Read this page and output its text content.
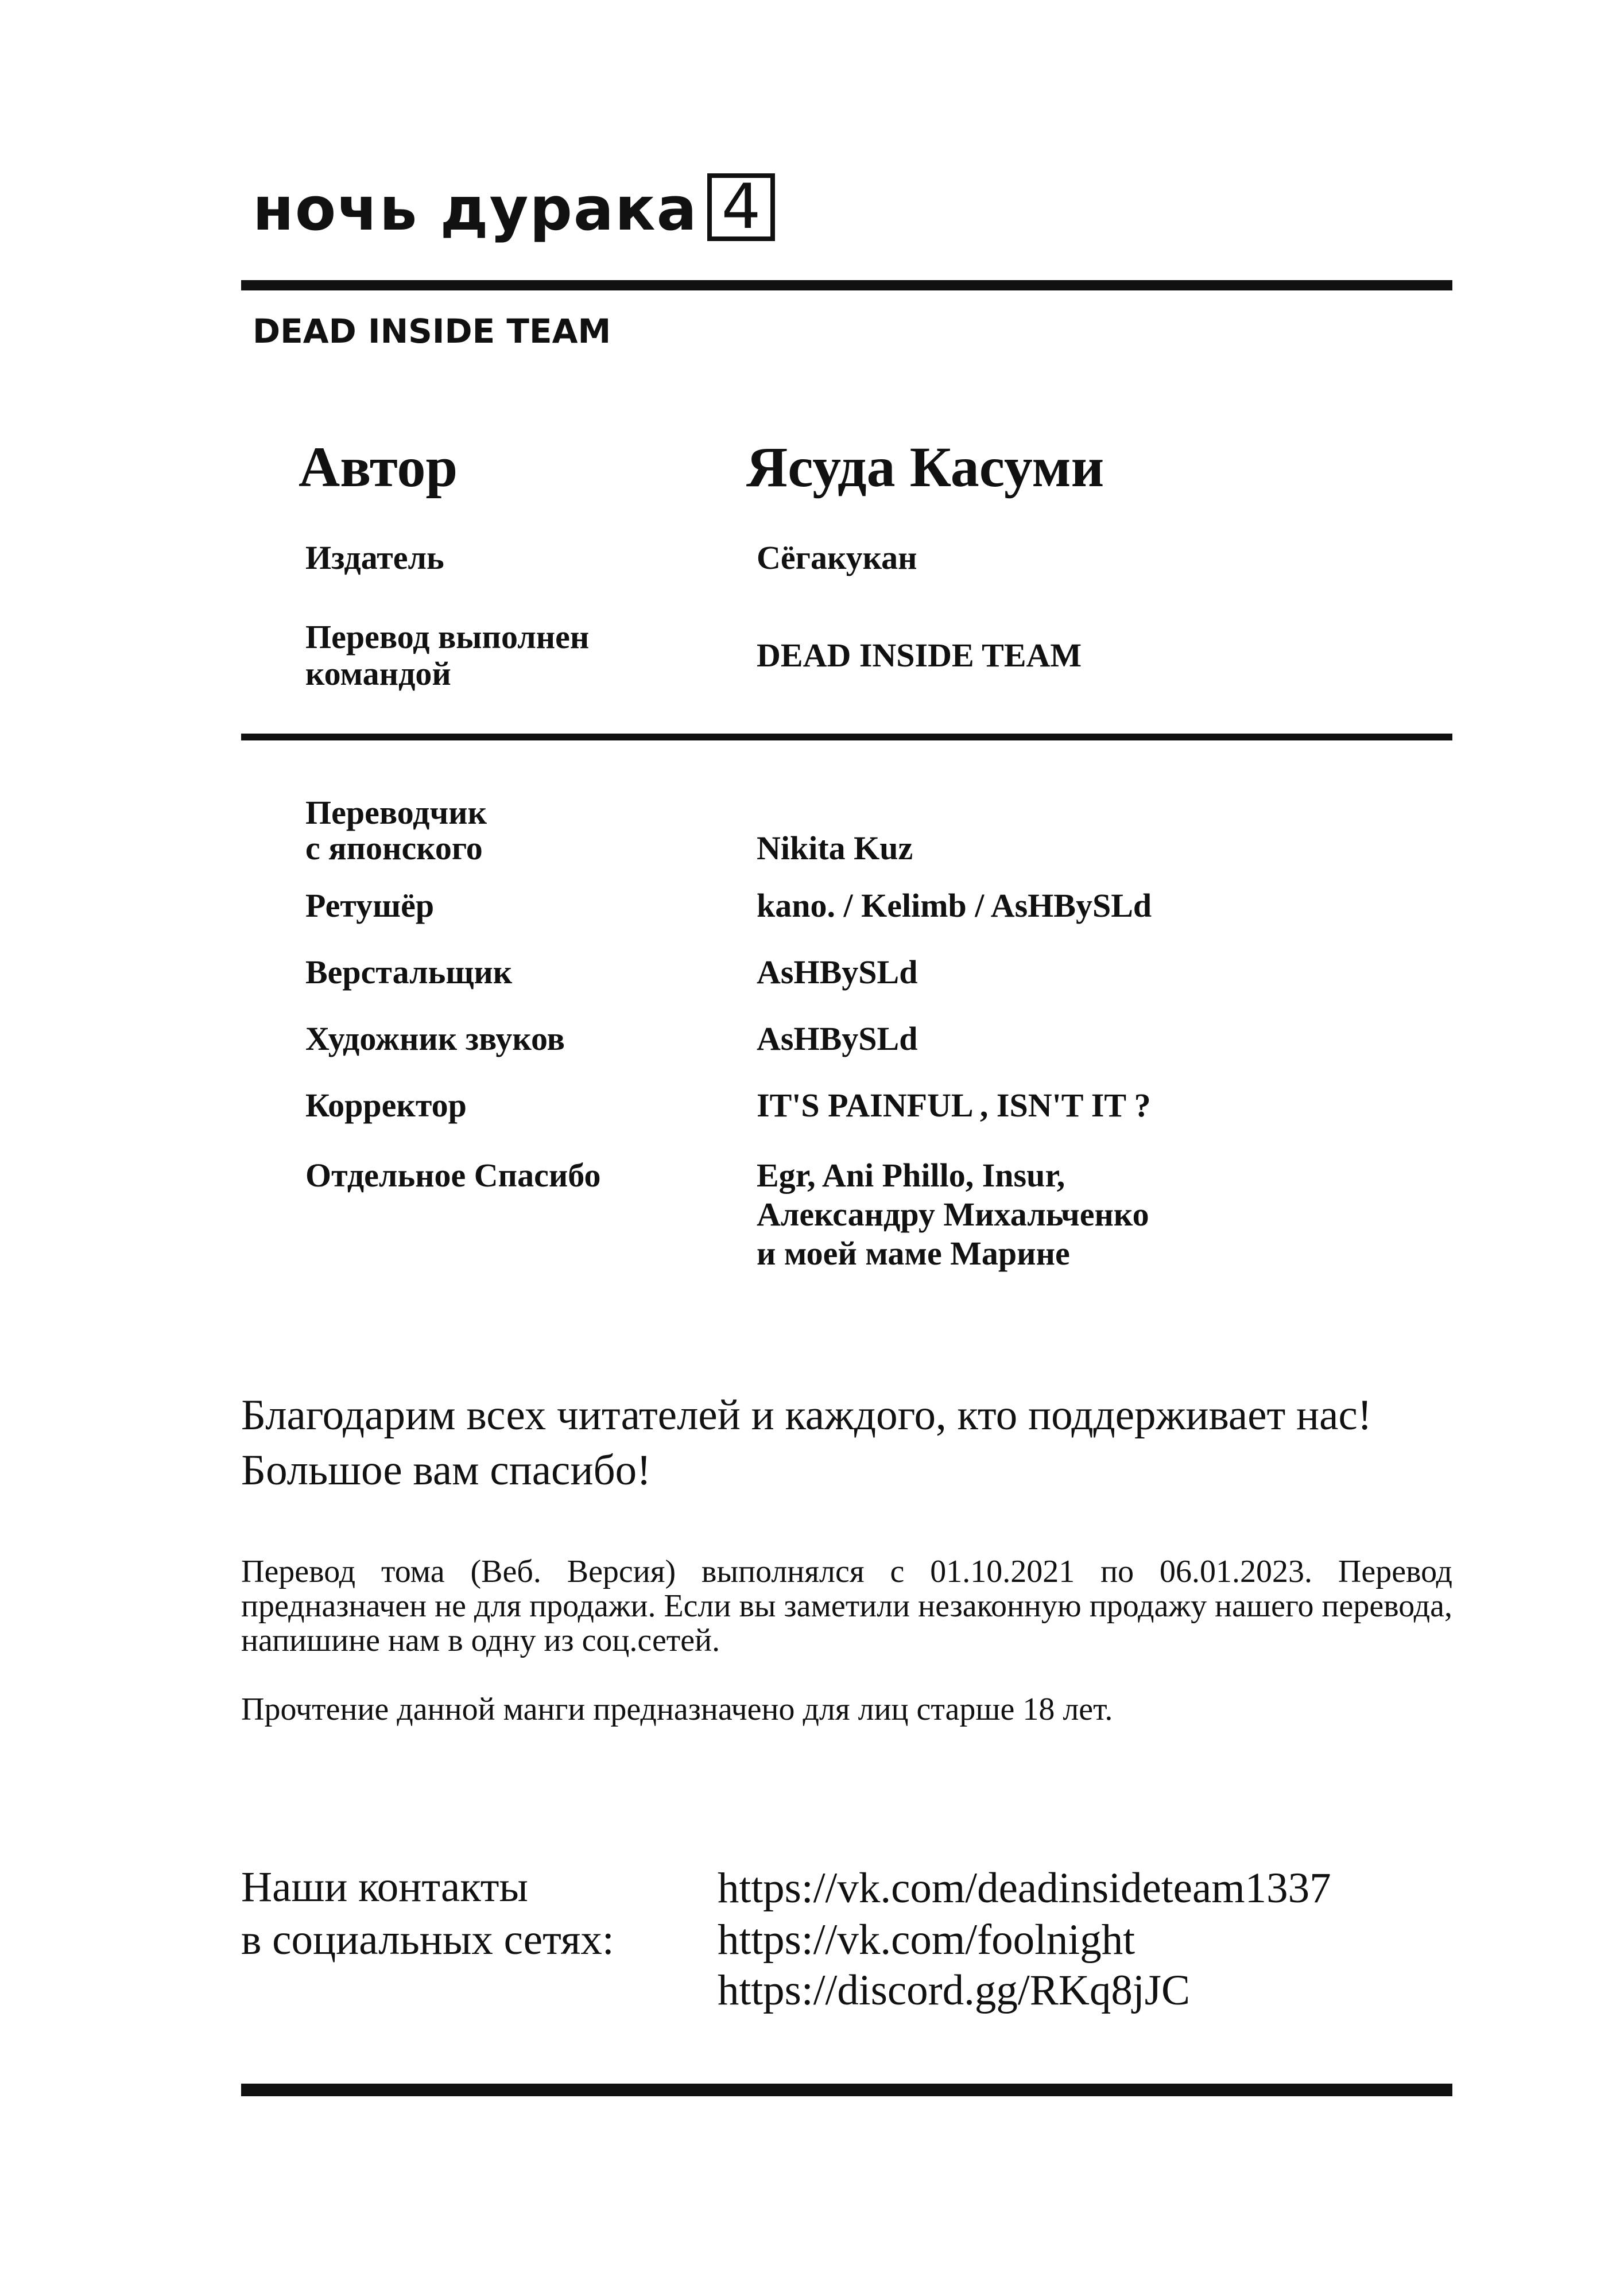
ночь дурака 4
DEAD INSIDE TEAM
Автор	Ясуда Касуми
Издатель	Сёгакукан
Перевод выполнен
командой	DEAD INSIDE TEAM
Переводчик
с японского	Nikita Kuz
Ретушёр	kano. / Kelimb / AsHBySLd
Верстальщик	AsHBySLd
Художник звуков	AsHBySLd
Корректор	IT'S PAINFUL , ISN'T IT ?
Отдельное Спасибо	Egr, Ani Phillo, Insur,
Александру Михальченко
и моей маме Марине
Благодарим всех читателей и каждого, кто поддерживает нас!
Большое вам спасибо!
Перевод тома (Веб. Версия) выполнялся с 01.10.2021 по 06.01.2023. Перевод предназначен не для продажи. Если вы заметили незаконную продажу нашего перевода, напишине нам в одну из соц.сетей.
Прочтение данной манги предназначено для лиц старше 18 лет.
Наши контакты
в социальных сетях:
https://vk.com/deadinsideteam1337
https://vk.com/foolnight
https://discord.gg/RKq8jJC
